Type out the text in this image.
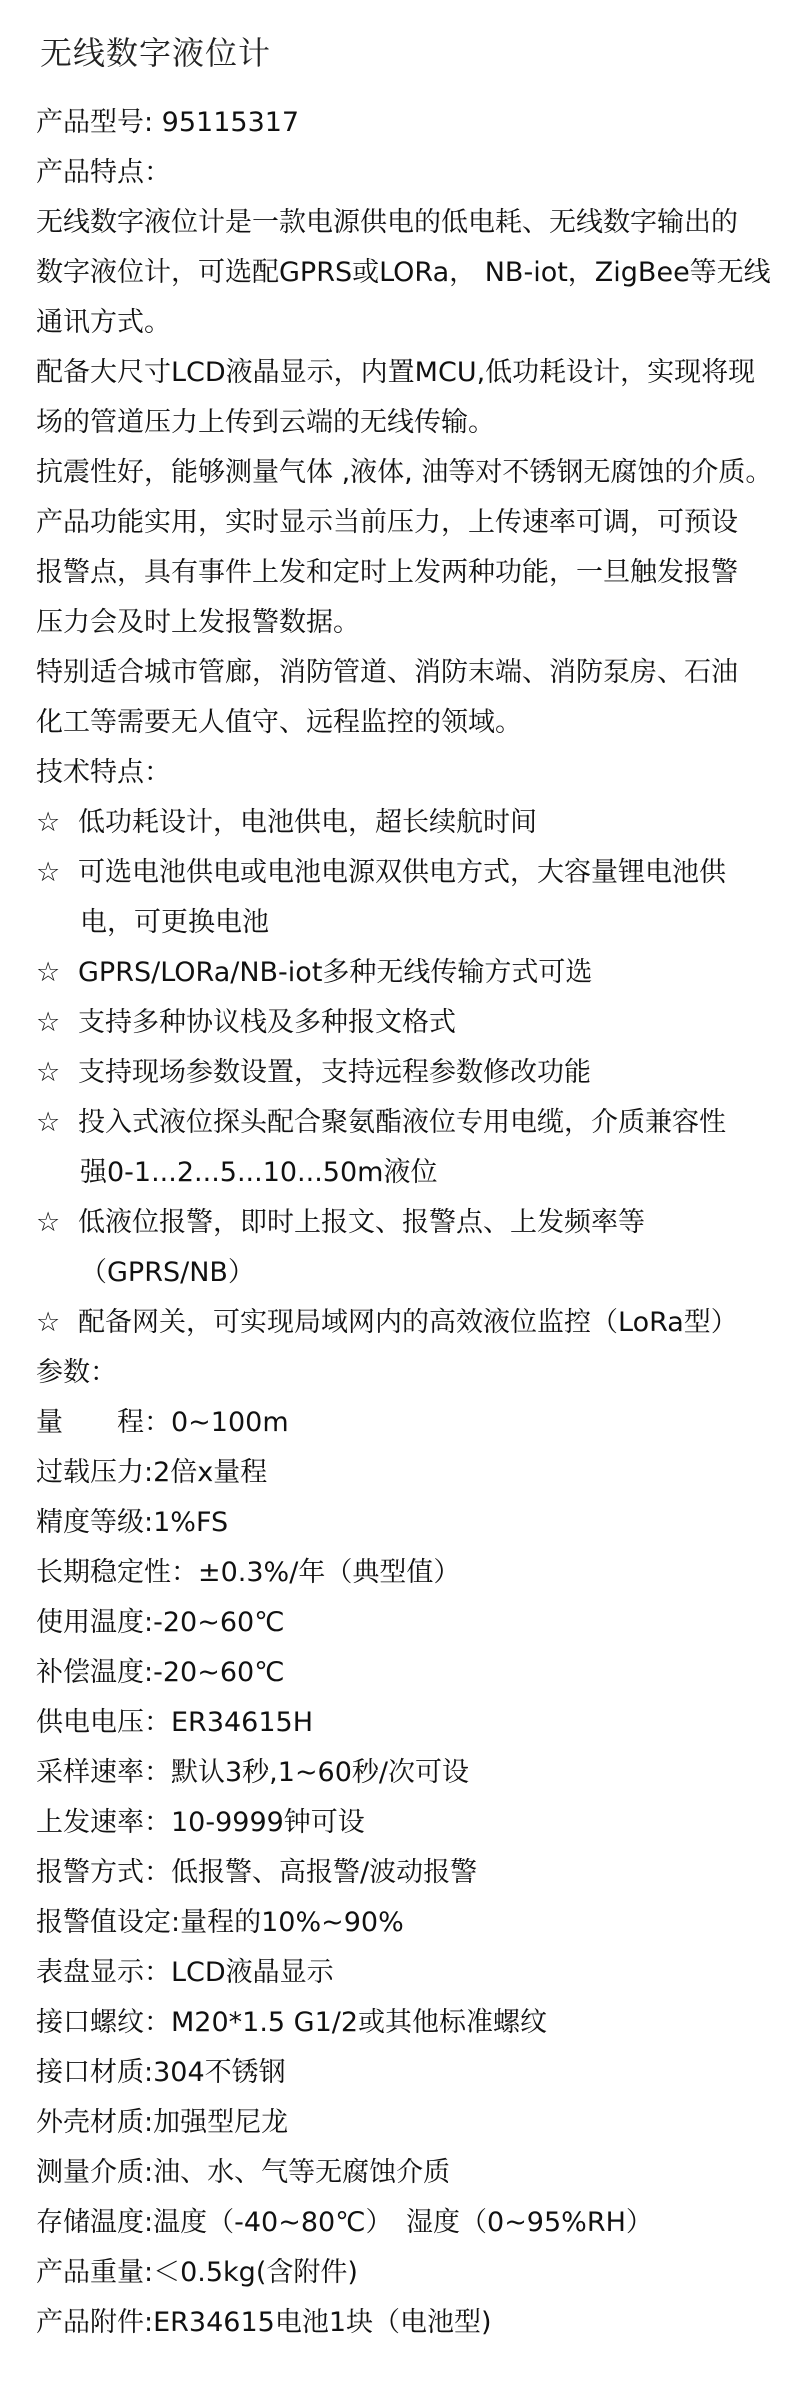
无线数字液位计
产品型号: 95115317
产品特点：
无线数字液位计是一款电源供电的低电耗、无线数字输出的
数字液位计，可选配GPRS或LORa， NB-iot，ZigBee等无线
通讯方式。
配备大尺寸LCD液晶显示，内置MCU,低功耗设计，实现将现
场的管道压力上传到云端的无线传输。
抗震性好，能够测量气体 ,液体, 油等对不锈钢无腐蚀的介质。
产品功能实用，实时显示当前压力，上传速率可调，可预设
报警点，具有事件上发和定时上发两种功能，一旦触发报警
压力会及时上发报警数据。
特别适合城市管廊，消防管道、消防末端、消防泵房、石油
化工等需要无人值守、远程监控的领域。
技术特点：
☆ 低功耗设计，电池供电，超长续航时间
☆ 可选电池供电或电池电源双供电方式，大容量锂电池供
电，可更换电池
☆ GPRS/LORa/NB-iot多种无线传输方式可选
☆ 支持多种协议栈及多种报文格式
☆ 支持现场参数设置，支持远程参数修改功能
☆ 投入式液位探头配合聚氨酯液位专用电缆，介质兼容性
强0-1...2...5...10...50m液位
☆ 低液位报警，即时上报文、报警点、上发频率等
（GPRS/NB）
☆ 配备网关，可实现局域网内的高效液位监控（LoRa型）
参数：
量　　程： 0~100m
过载压力: 2倍x量程
精度等级: 1%FS
长期稳定性： ±0.3%/年（典型值）
使用温度: -20~60℃
补偿温度: -20~60℃
供电电压： ER34615H
采样速率： 默认3秒,1~60秒/次可设
上发速率： 10-9999钟可设
报警方式： 低报警、高报警/波动报警
报警值设定: 量程的10%~90%
表盘显示： LCD液晶显示
接口螺纹： M20*1.5 G1/2或其他标准螺纹
接口材质: 304不锈钢
外壳材质: 加强型尼龙
测量介质: 油、水、气等无腐蚀介质
存储温度: 温度（-40~80℃）　湿度（0~95%RH）
产品重量: ＜0.5kg(含附件)
产品附件: ER34615电池1块（电池型)
